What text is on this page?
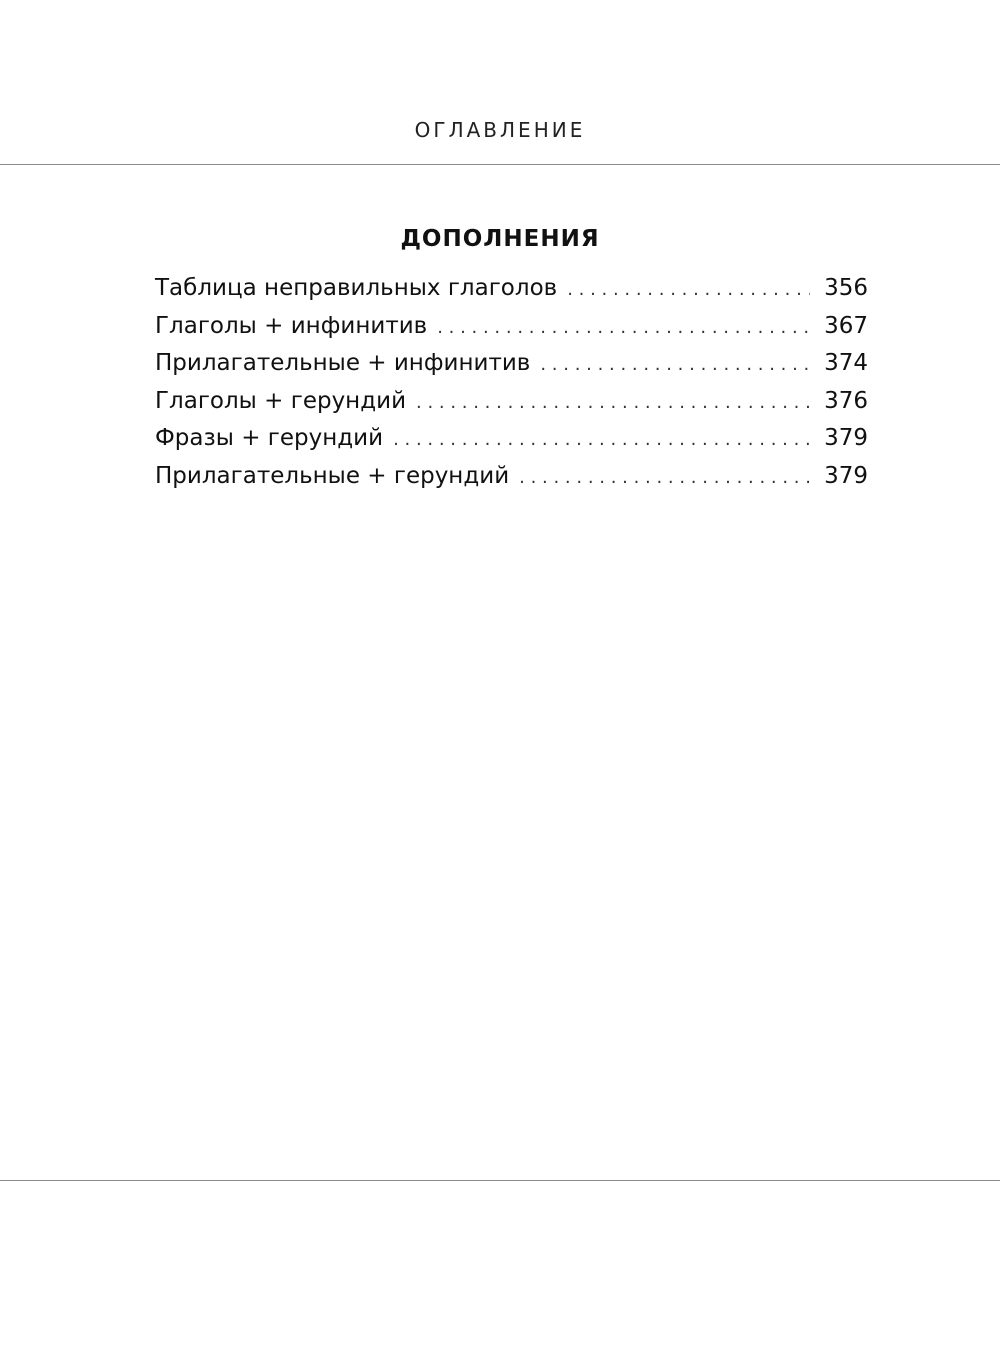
ОГЛАВЛЕНИЕ
ДОПОЛНЕНИЯ
Таблица неправильных глаголов . . .	356
Глаголы + инфинитив . . .	367
Прилагательные + инфинитив . . .	374
Глаголы + герундий . . .	376
Фразы + герундий . . .	379
Прилагательные + герундий . . .	379
